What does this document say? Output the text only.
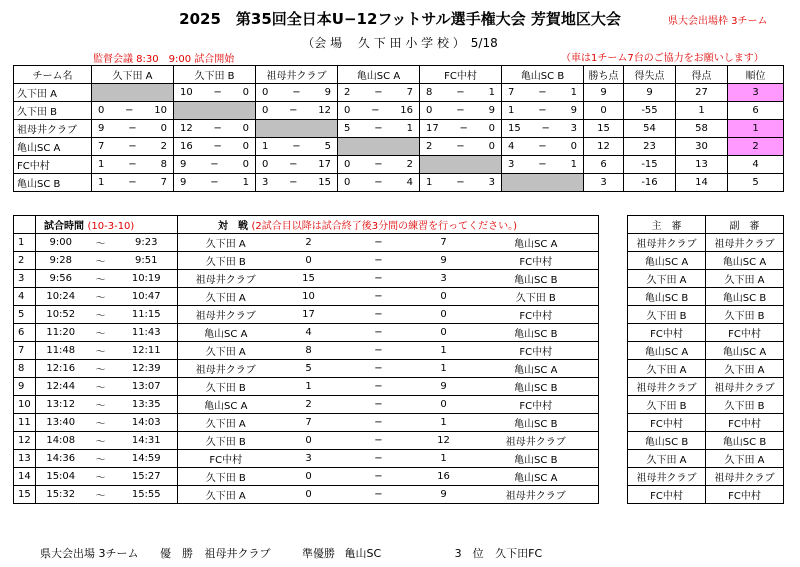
2025　第35回全日本U−12フットサル選手権大会 芳賀地区大会	県大会出場枠 3チーム
（会 場　 久 下 田 小 学 校 ）　5/18
監督会議 8:30　9:00 試合開始	（車は1チーム7台のご協力をお願いします）
チーム名	久下田 A	久下田 B	祖母井クラブ	亀山SC A	FC中村	亀山SC B	勝ち点	得失点	得点	順位
久下田 A		10 − 0	0 − 9	2 − 7	8 − 1	7 − 1	9	9	27	3
久下田 B	0 − 10		0 − 12	0 − 16	0 − 9	1 − 9	0	-55	1	6
祖母井クラブ	9 − 0	12 − 0		5 − 1	17 − 0	15 − 3	15	54	58	1
亀山SC A	7 − 2	16 − 0	1 − 5		2 − 0	4 − 0	12	23	30	2
FC中村	1 − 8	9 − 0	0 − 17	0 − 2		3 − 1	6	-15	13	4
亀山SC B	1 − 7	9 − 1	3 − 15	0 − 4	1 − 3		3	-16	14	5
	試合時間 (10-3-10)			対　戦 (2試合目以降は試合終了後3分間の練習を行ってください。)				
1	9:00	〜	9:23	久下田 A	2	−	7	亀山SC A
2	9:28	〜	9:51	久下田 B	0	−	9	FC中村
3	9:56	〜	10:19	祖母井クラブ	15	−	3	亀山SC B
4	10:24	〜	10:47	久下田 A	10	−	0	久下田 B
5	10:52	〜	11:15	祖母井クラブ	17	−	0	FC中村
6	11:20	〜	11:43	亀山SC A	4	−	0	亀山SC B
7	11:48	〜	12:11	久下田 A	8	−	1	FC中村
8	12:16	〜	12:39	祖母井クラブ	5	−	1	亀山SC A
9	12:44	〜	13:07	久下田 B	1	−	9	亀山SC B
10	13:12	〜	13:35	亀山SC A	2	−	0	FC中村
11	13:40	〜	14:03	久下田 A	7	−	1	亀山SC B
12	14:08	〜	14:31	久下田 B	0	−	12	祖母井クラブ
13	14:36	〜	14:59	FC中村	3	−	1	亀山SC B
14	15:04	〜	15:27	久下田 B	0	−	16	亀山SC A
15	15:32	〜	15:55	久下田 A	0	−	9	祖母井クラブ
主　審	副　審
祖母井クラブ	祖母井クラブ
亀山SC A	亀山SC A
久下田 A	久下田 A
亀山SC B	亀山SC B
久下田 B	久下田 B
FC中村	FC中村
亀山SC A	亀山SC A
久下田 A	久下田 A
祖母井クラブ	祖母井クラブ
久下田 B	久下田 B
FC中村	FC中村
亀山SC B	亀山SC B
久下田 A	久下田 A
祖母井クラブ	祖母井クラブ
FC中村	FC中村
県大会出場 3チーム 優　勝 祖母井クラブ	準優勝 亀山SC	3　位 久下田FC
